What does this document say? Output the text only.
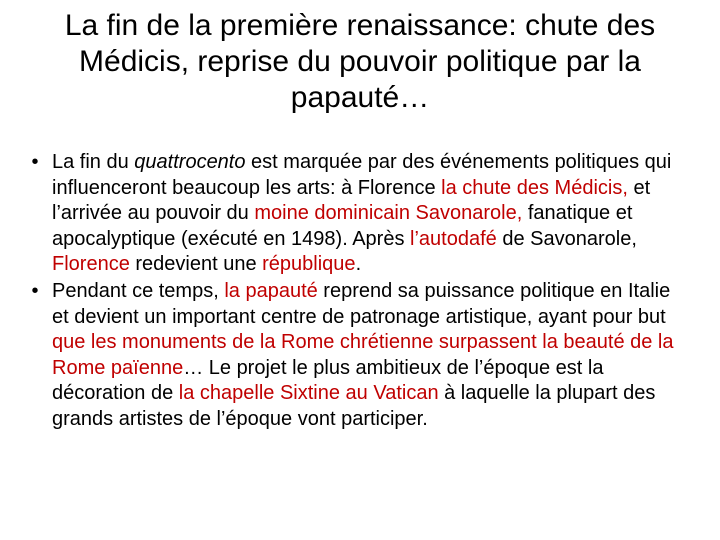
La fin de la première renaissance: chute des Médicis, reprise du pouvoir politique par la papauté…
• La fin du quattrocento est marquée par des événements politiques qui influenceront beaucoup les arts: à Florence la chute des Médicis, et l’arrivée au pouvoir du moine dominicain Savonarole, fanatique et apocalyptique (exécuté en 1498). Après l’autodafé de Savonarole, Florence redevient une république.
• Pendant ce temps, la papauté reprend sa puissance politique en Italie et devient un important centre de patronage artistique, ayant pour but que les monuments de la Rome chrétienne surpassent la beauté de la Rome païenne… Le projet le plus ambitieux de l’époque est la décoration de la chapelle Sixtine au Vatican à laquelle la plupart des grands artistes de l’époque vont participer.
